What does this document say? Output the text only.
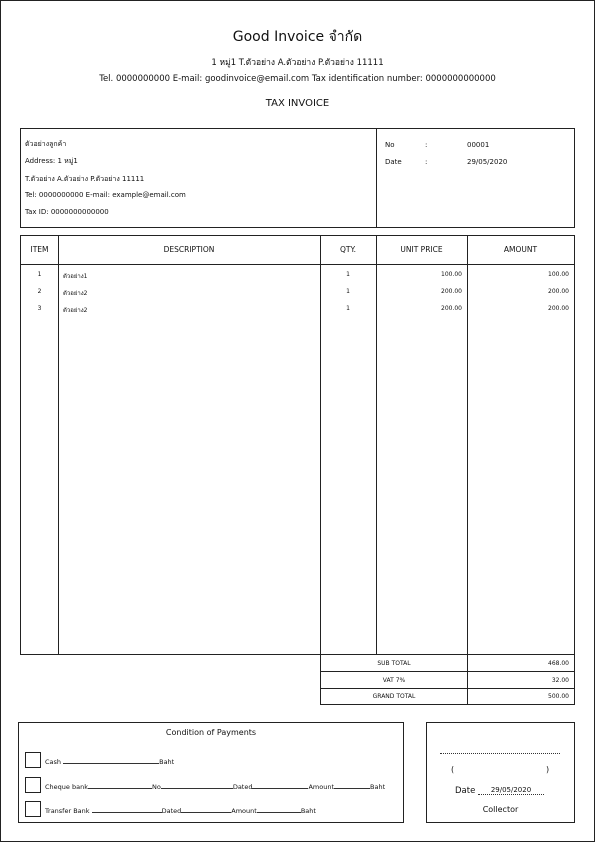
Good Invoice จำกัด
1 หมู่1 T.ตัวอย่าง A.ตัวอย่าง P.ตัวอย่าง 11111
Tel. 0000000000 E-mail: goodinvoice@email.com Tax identification number: 0000000000000
TAX INVOICE
ตัวอย่างลูกค้า
Address: 1 หมู่1
T.ตัวอย่าง A.ตัวอย่าง P.ตัวอย่าง 11111
Tel: 0000000000 E-mail: example@email.com
Tax ID: 0000000000000
No	:	00001
Date	:	29/05/2020
ITEM	DESCRIPTION	QTY.	UNIT PRICE	AMOUNT
1	ตัวอย่าง1	1	100.00	100.00
2	ตัวอย่าง2	1	200.00	200.00
3	ตัวอย่าง2	1	200.00	200.00
SUB TOTAL	468.00
VAT 7%	32.00
GRAND TOTAL	500.00
Condition of Payments
Cash	Baht
Cheque bank	No	Dated	Amount	Baht
Transfer Bank	Dated	Amount	Baht
(	)
Date	29/05/2020
Collector
